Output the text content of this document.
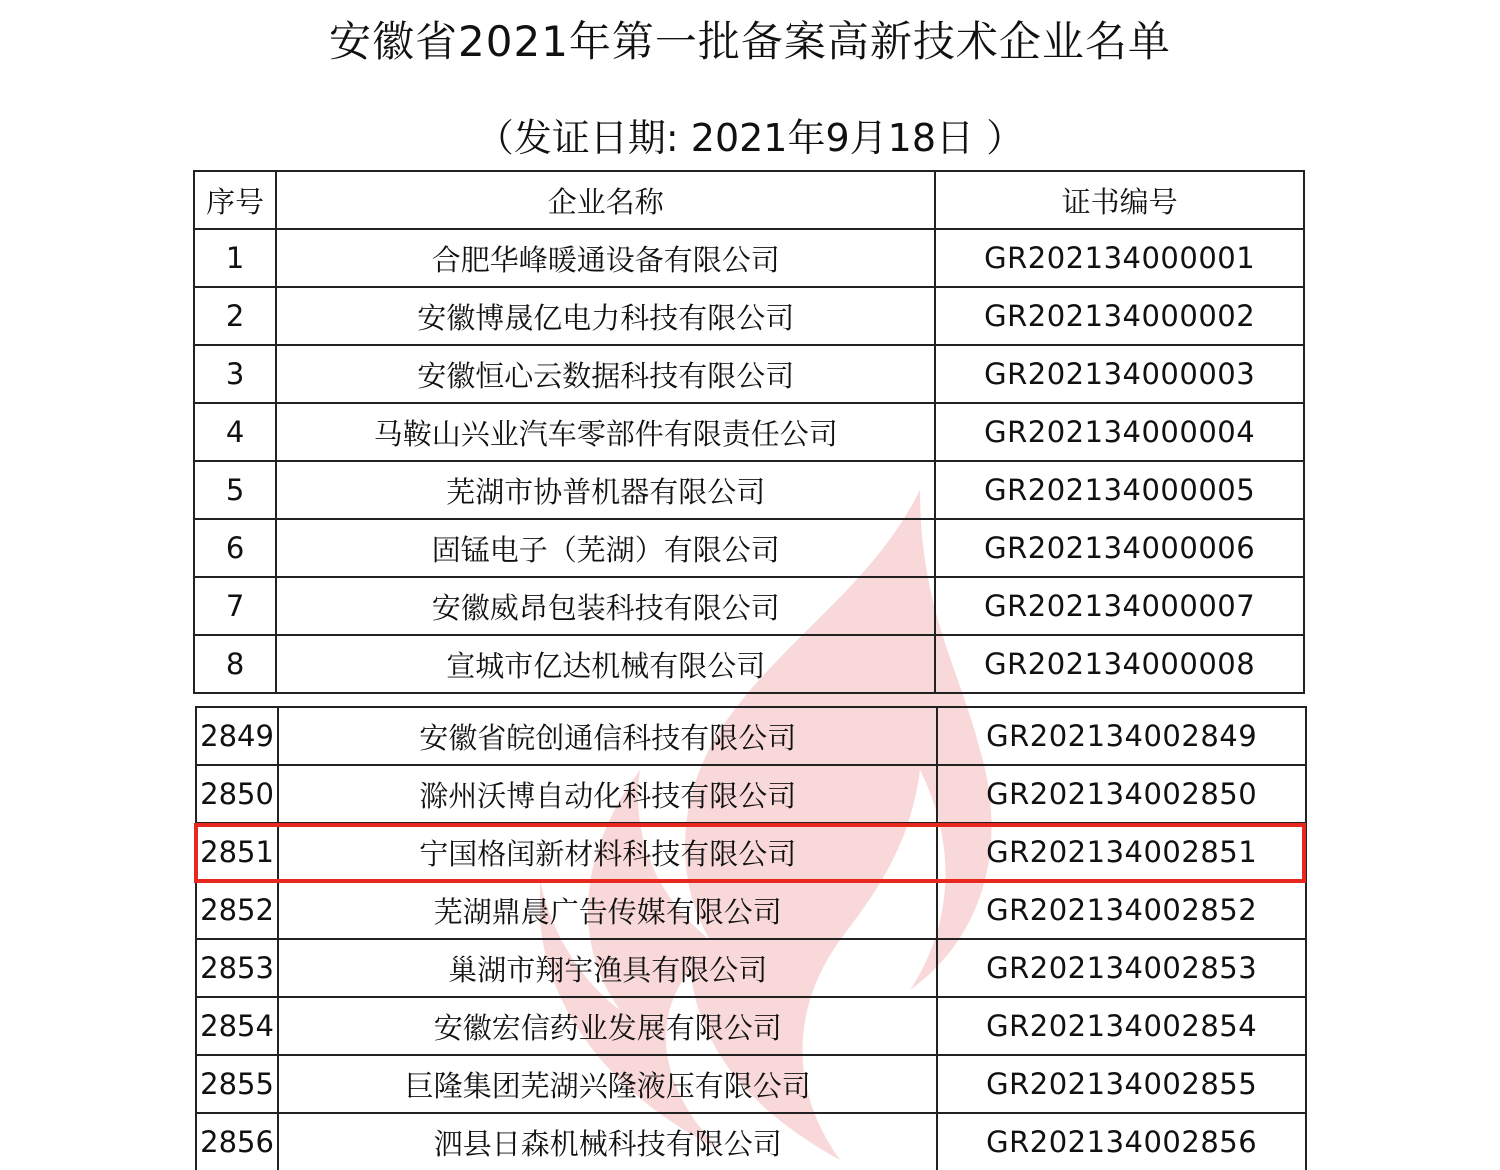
安徽省2021年第一批备案高新技术企业名单
（发证日期: 2021年9月18日 ）
序号	企业名称	证书编号
1	合肥华峰暖通设备有限公司	GR202134000001
2	安徽博晟亿电力科技有限公司	GR202134000002
3	安徽恒心云数据科技有限公司	GR202134000003
4	马鞍山兴业汽车零部件有限责任公司	GR202134000004
5	芜湖市协普机器有限公司	GR202134000005
6	固锰电子（芜湖）有限公司	GR202134000006
7	安徽威昂包装科技有限公司	GR202134000007
8	宣城市亿达机械有限公司	GR202134000008
2849	安徽省皖创通信科技有限公司	GR202134002849
2850	滁州沃博自动化科技有限公司	GR202134002850
2851	宁国格闰新材料科技有限公司	GR202134002851
2852	芜湖鼎晨广告传媒有限公司	GR202134002852
2853	巢湖市翔宇渔具有限公司	GR202134002853
2854	安徽宏信药业发展有限公司	GR202134002854
2855	巨隆集团芜湖兴隆液压有限公司	GR202134002855
2856	泗县日森机械科技有限公司	GR202134002856
